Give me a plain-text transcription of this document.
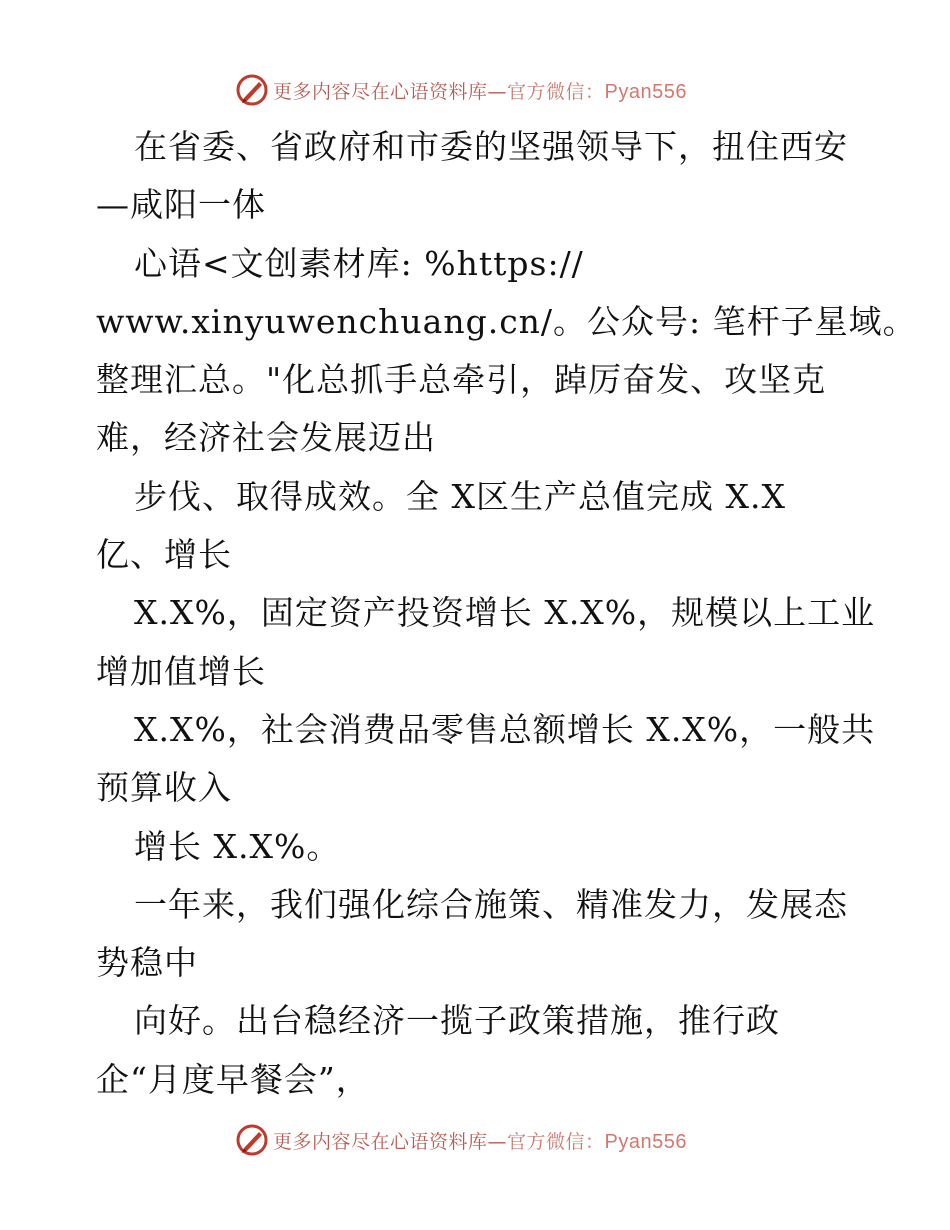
更多内容尽在心语资料库—官方微信：Pyan556
在省委、省政府和市委的坚强领导下，扭住西安
—咸阳一体
心语<文创素材库: %https://
www.xinyuwenchuang.cn/。公众号: 笔杆子星域。
整理汇总。"化总抓手总牵引，踔厉奋发、攻坚克
难，经济社会发展迈出
步伐、取得成效。全 X区生产总值完成 X.X
亿、增长
X.X%，固定资产投资增长 X.X%，规模以上工业
增加值增长
X.X%，社会消费品零售总额增长 X.X%，一般共
预算收入
增长 X.X%。
一年来，我们强化综合施策、精准发力，发展态
势稳中
向好。出台稳经济一揽子政策措施，推行政
企“月度早餐会”，
更多内容尽在心语资料库—官方微信：Pyan556
